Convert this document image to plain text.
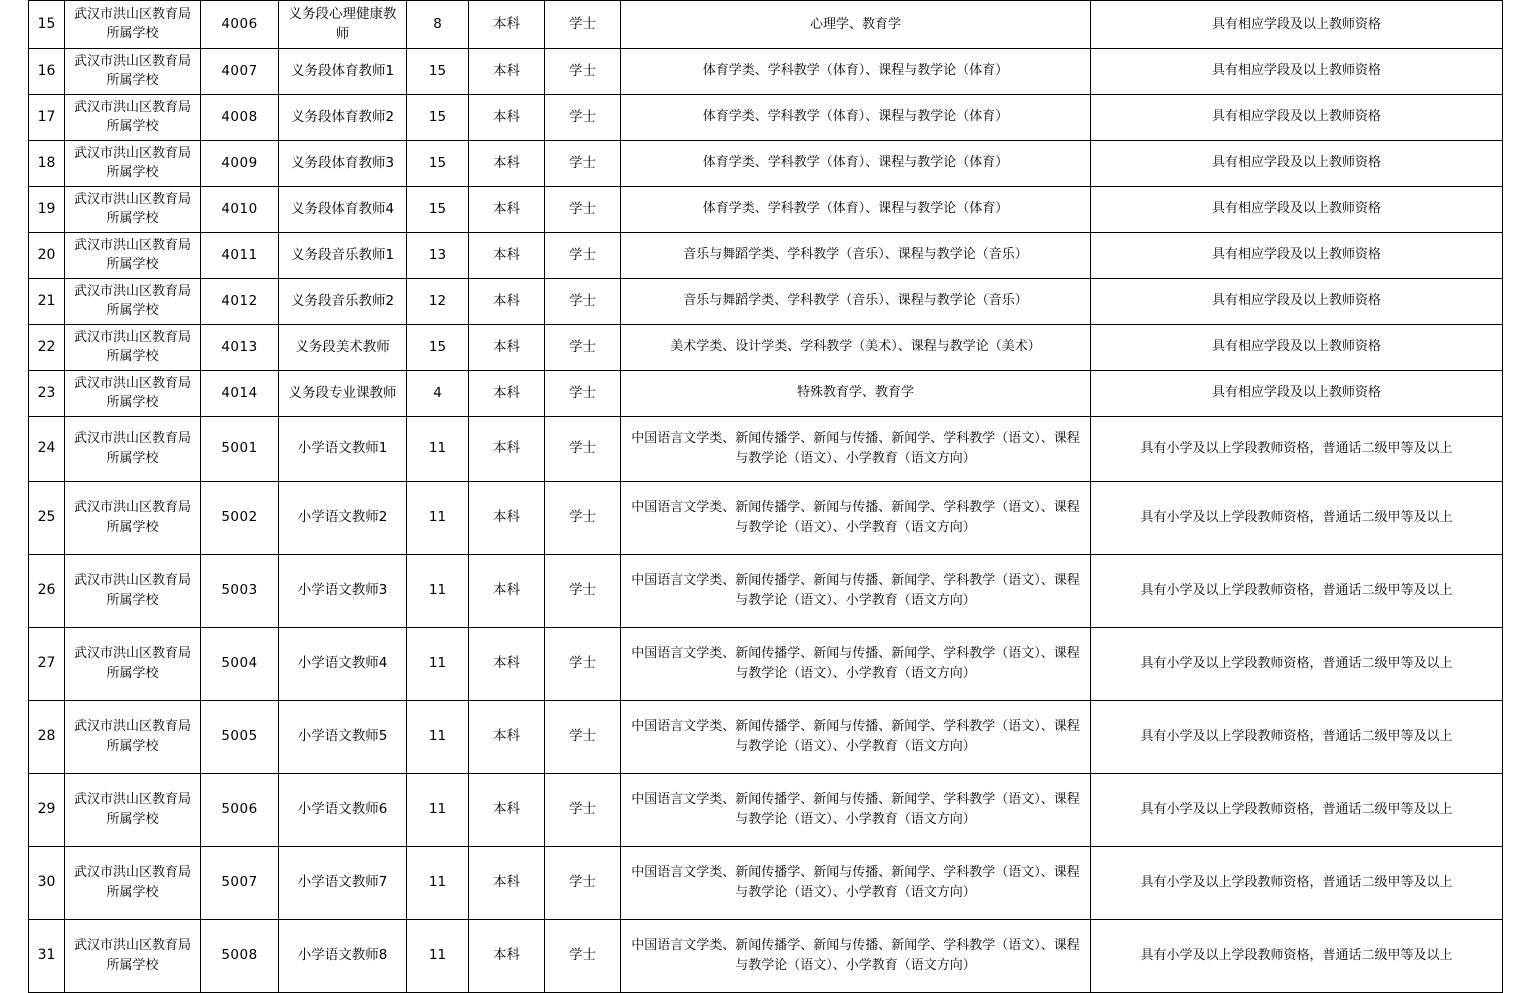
15	武汉市洪山区教育局所属学校	4006	义务段心理健康教师	8	本科	学士	心理学、教育学	具有相应学段及以上教师资格
16	武汉市洪山区教育局所属学校	4007	义务段体育教师1	15	本科	学士	体育学类、学科教学（体育）、课程与教学论（体育）	具有相应学段及以上教师资格
17	武汉市洪山区教育局所属学校	4008	义务段体育教师2	15	本科	学士	体育学类、学科教学（体育）、课程与教学论（体育）	具有相应学段及以上教师资格
18	武汉市洪山区教育局所属学校	4009	义务段体育教师3	15	本科	学士	体育学类、学科教学（体育）、课程与教学论（体育）	具有相应学段及以上教师资格
19	武汉市洪山区教育局所属学校	4010	义务段体育教师4	15	本科	学士	体育学类、学科教学（体育）、课程与教学论（体育）	具有相应学段及以上教师资格
20	武汉市洪山区教育局所属学校	4011	义务段音乐教师1	13	本科	学士	音乐与舞蹈学类、学科教学（音乐）、课程与教学论（音乐）	具有相应学段及以上教师资格
21	武汉市洪山区教育局所属学校	4012	义务段音乐教师2	12	本科	学士	音乐与舞蹈学类、学科教学（音乐）、课程与教学论（音乐）	具有相应学段及以上教师资格
22	武汉市洪山区教育局所属学校	4013	义务段美术教师	15	本科	学士	美术学类、设计学类、学科教学（美术）、课程与教学论（美术）	具有相应学段及以上教师资格
23	武汉市洪山区教育局所属学校	4014	义务段专业课教师	4	本科	学士	特殊教育学、教育学	具有相应学段及以上教师资格
24	武汉市洪山区教育局所属学校	5001	小学语文教师1	11	本科	学士	中国语言文学类、新闻传播学、新闻与传播、新闻学、学科教学（语文）、课程与教学论（语文）、小学教育（语文方向）	具有小学及以上学段教师资格，普通话二级甲等及以上
25	武汉市洪山区教育局所属学校	5002	小学语文教师2	11	本科	学士	中国语言文学类、新闻传播学、新闻与传播、新闻学、学科教学（语文）、课程与教学论（语文）、小学教育（语文方向）	具有小学及以上学段教师资格，普通话二级甲等及以上
26	武汉市洪山区教育局所属学校	5003	小学语文教师3	11	本科	学士	中国语言文学类、新闻传播学、新闻与传播、新闻学、学科教学（语文）、课程与教学论（语文）、小学教育（语文方向）	具有小学及以上学段教师资格，普通话二级甲等及以上
27	武汉市洪山区教育局所属学校	5004	小学语文教师4	11	本科	学士	中国语言文学类、新闻传播学、新闻与传播、新闻学、学科教学（语文）、课程与教学论（语文）、小学教育（语文方向）	具有小学及以上学段教师资格，普通话二级甲等及以上
28	武汉市洪山区教育局所属学校	5005	小学语文教师5	11	本科	学士	中国语言文学类、新闻传播学、新闻与传播、新闻学、学科教学（语文）、课程与教学论（语文）、小学教育（语文方向）	具有小学及以上学段教师资格，普通话二级甲等及以上
29	武汉市洪山区教育局所属学校	5006	小学语文教师6	11	本科	学士	中国语言文学类、新闻传播学、新闻与传播、新闻学、学科教学（语文）、课程与教学论（语文）、小学教育（语文方向）	具有小学及以上学段教师资格，普通话二级甲等及以上
30	武汉市洪山区教育局所属学校	5007	小学语文教师7	11	本科	学士	中国语言文学类、新闻传播学、新闻与传播、新闻学、学科教学（语文）、课程与教学论（语文）、小学教育（语文方向）	具有小学及以上学段教师资格，普通话二级甲等及以上
31	武汉市洪山区教育局所属学校	5008	小学语文教师8	11	本科	学士	中国语言文学类、新闻传播学、新闻与传播、新闻学、学科教学（语文）、课程与教学论（语文）、小学教育（语文方向）	具有小学及以上学段教师资格，普通话二级甲等及以上
